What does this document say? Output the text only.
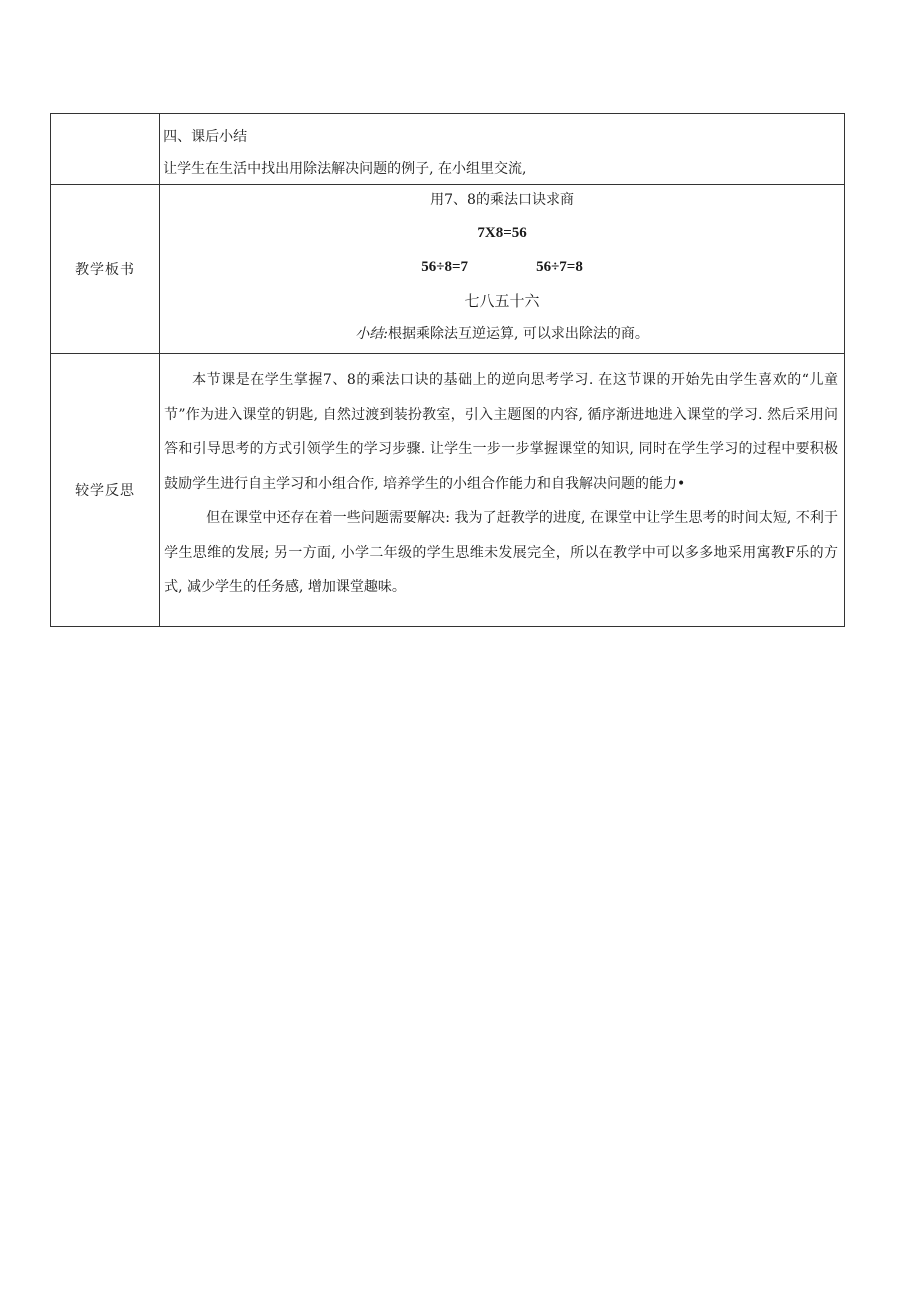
	四、课后小结
让学生在生活中找出用除法解决问题的例子, 在小组里交流,

教学板书	用7、8的乘法口诀求商
7X8=56
56÷8=7 56÷7=8
七八五十六
小结:根据乘除法互逆运算, 可以求出除法的商。

较学反思	本节课是在学生掌握7、8的乘法口诀的基础上的逆向思考学习. 在这节课的开始先由学生喜欢的“儿童节”作为进入课堂的钥匙, 自然过渡到装扮教室，引入主题图的内容, 循序渐进地进入课堂的学习. 然后采用问答和引导思考的方式引领学生的学习步骤. 让学生一步一步掌握课堂的知识, 同时在学生学习的过程中要积极鼓励学生进行自主学习和小组合作, 培养学生的小组合作能力和自我解决问题的能力•

但在课堂中还存在着一些问题需要解决: 我为了赶教学的进度, 在课堂中让学生思考的时间太短, 不利于学生思维的发展; 另一方面, 小学二年级的学生思维未发展完全，所以在教学中可以多多地采用寓教F乐的方式, 减少学生的任务感, 增加课堂趣味。
